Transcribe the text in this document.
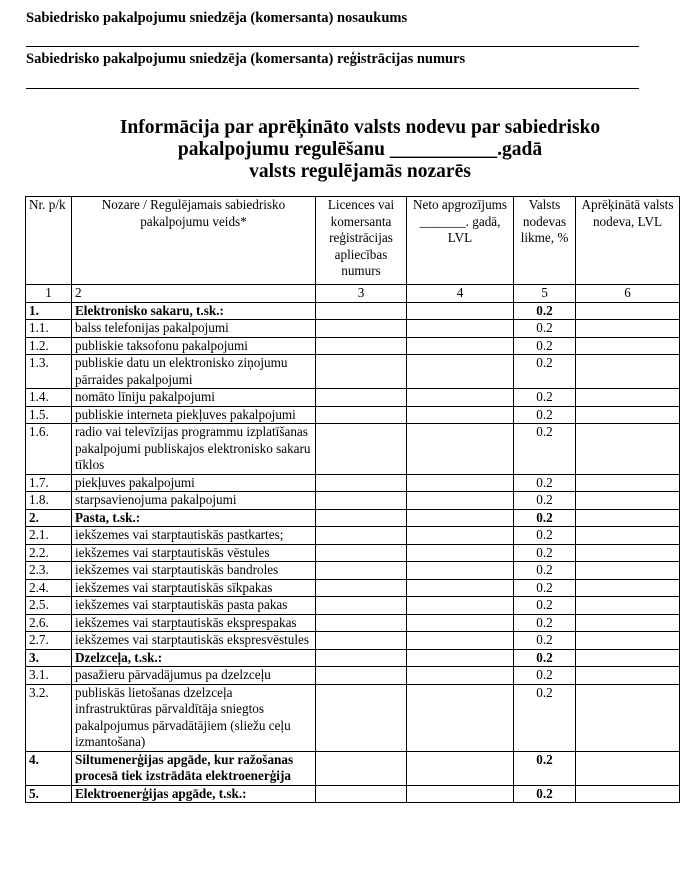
Sabiedrisko pakalpojumu sniedzēja (komersanta) nosaukums
Sabiedrisko pakalpojumu sniedzēja (komersanta) reģistrācijas numurs
Informācija par aprēķināto valsts nodevu par sabiedrisko
pakalpojumu regulēšanu ___________.gadā
valsts regulējamās nozarēs
Nr. p/k	Nozare / Regulējamais sabiedrisko pakalpojumu veids*	Licences vai komersanta reģistrācijas apliecības numurs	Neto apgrozījums _______. gadā, LVL	Valsts nodevas likme, %	Aprēķinātā valsts nodeva, LVL
1	2	3	4	5	6
1.	Elektronisko sakaru, t.sk.:			0.2	
1.1.	balss telefonijas pakalpojumi			0.2	
1.2.	publiskie taksofonu pakalpojumi			0.2	
1.3.	publiskie datu un elektronisko ziņojumu pārraides pakalpojumi			0.2	
1.4.	nomāto līniju pakalpojumi			0.2	
1.5.	publiskie interneta piekļuves pakalpojumi			0.2	
1.6.	radio vai televīzijas programmu izplatīšanas pakalpojumi publiskajos elektronisko sakaru tīklos			0.2	
1.7.	piekļuves pakalpojumi			0.2	
1.8.	starpsavienojuma pakalpojumi			0.2	
2.	Pasta, t.sk.:			0.2	
2.1.	iekšzemes vai starptautiskās pastkartes;			0.2	
2.2.	iekšzemes vai starptautiskās vēstules			0.2	
2.3.	iekšzemes vai starptautiskās bandroles			0.2	
2.4.	iekšzemes vai starptautiskās sīkpakas			0.2	
2.5.	iekšzemes vai starptautiskās pasta pakas			0.2	
2.6.	iekšzemes vai starptautiskās eksprespakas			0.2	
2.7.	iekšzemes vai starptautiskās ekspresvēstules			0.2	
3.	Dzelzceļa, t.sk.:			0.2	
3.1.	pasažieru pārvadājumus pa dzelzceļu			0.2	
3.2.	publiskās lietošanas dzelzceļa infrastruktūras pārvaldītāja sniegtos pakalpojumus pārvadātājiem (sliežu ceļu izmantošana)			0.2	
4.	Siltumenerģijas apgāde, kur ražošanas procesā tiek izstrādāta elektroenerģija			0.2	
5.	Elektroenerģijas apgāde, t.sk.:			0.2	
